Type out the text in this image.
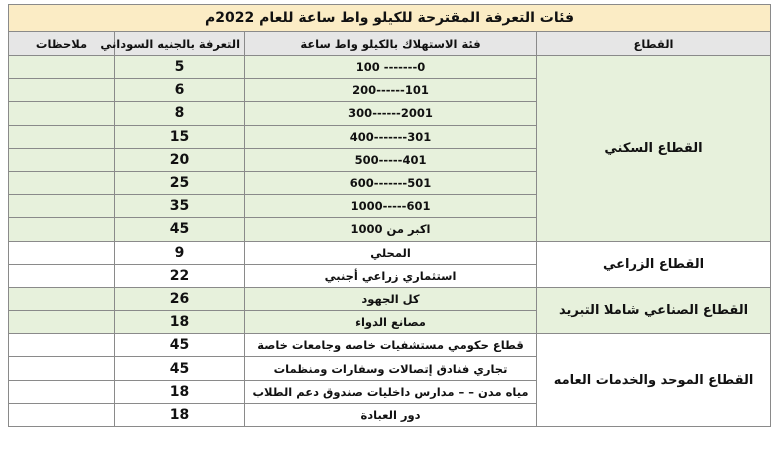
فئات التعرفة المقترحة للكيلو واط ساعة للعام 2022م			
القطاع	فئة الاستهلاك بالكيلو واط ساعة	التعرفة بالجنيه السوداني	ملاحظات
القطاع السكني	0------- 100	5	
	101------200	6	
	2001------300	8	
	301-------400	15	
	401-----500	20	
	501-------600	25	
	601-----1000	35	
	اكبر من 1000	45	
القطاع الزراعي	المحلي	9	
	استثماري زراعي أجنبي	22	
القطاع الصناعي شاملا التبريد	كل الجهود	26	
	مصانع الدواء	18	
القطاع الموحد والخدمات العامه	قطاع حكومي مستشفيات خاصه وجامعات خاصة	45	
	تجاري فنادق إتصالات وسفارات ومنظمات	45	
	مياه مدن – – مدارس داخليات صندوق دعم الطلاب	18	
	دور العبادة	18	
